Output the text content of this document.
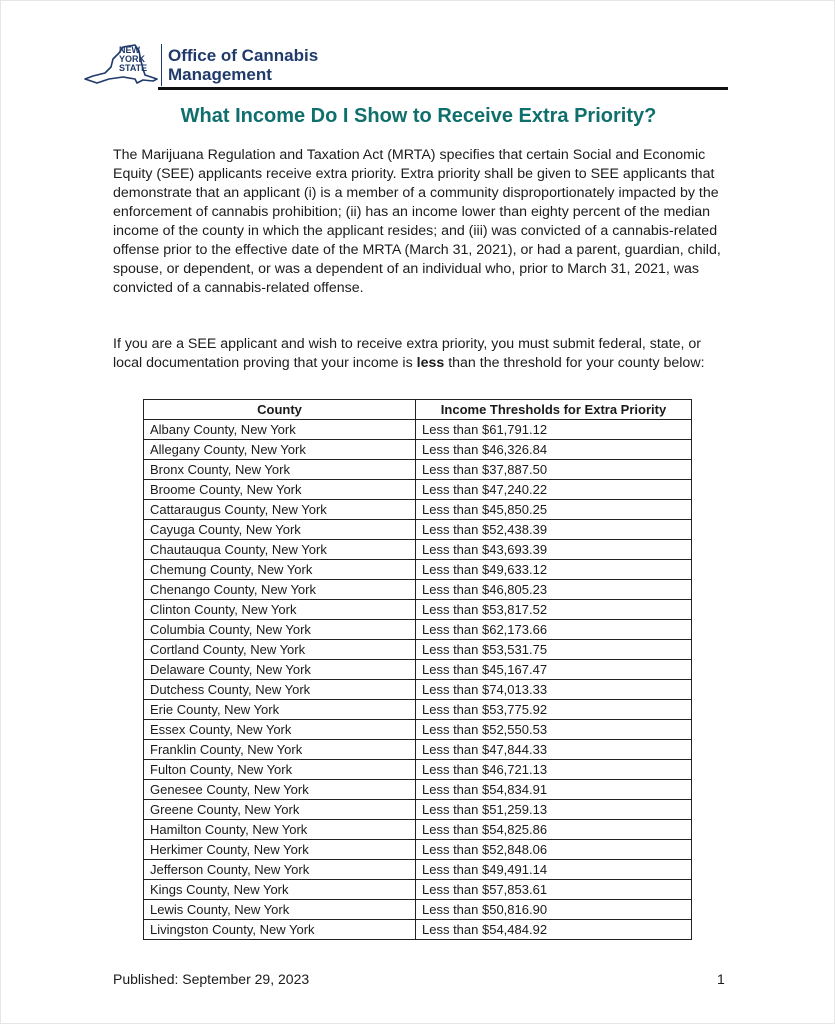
NEW
YORK
STATE
Office of Cannabis
Management
What Income Do I Show to Receive Extra Priority?

The Marijuana Regulation and Taxation Act (MRTA) specifies that certain Social and Economic Equity (SEE) applicants receive extra priority. Extra priority shall be given to SEE applicants that demonstrate that an applicant (i) is a member of a community disproportionately impacted by the enforcement of cannabis prohibition; (ii) has an income lower than eighty percent of the median income of the county in which the applicant resides; and (iii) was convicted of a cannabis-related offense prior to the effective date of the MRTA (March 31, 2021), or had a parent, guardian, child, spouse, or dependent, or was a dependent of an individual who, prior to March 31, 2021, was convicted of a cannabis-related offense.

If you are a SEE applicant and wish to receive extra priority, you must submit federal, state, or local documentation proving that your income is less than the threshold for your county below:

County	Income Thresholds for Extra Priority
Albany County, New York	Less than $61,791.12
Allegany County, New York	Less than $46,326.84
Bronx County, New York	Less than $37,887.50
Broome County, New York	Less than $47,240.22
Cattaraugus County, New York	Less than $45,850.25
Cayuga County, New York	Less than $52,438.39
Chautauqua County, New York	Less than $43,693.39
Chemung County, New York	Less than $49,633.12
Chenango County, New York	Less than $46,805.23
Clinton County, New York	Less than $53,817.52
Columbia County, New York	Less than $62,173.66
Cortland County, New York	Less than $53,531.75
Delaware County, New York	Less than $45,167.47
Dutchess County, New York	Less than $74,013.33
Erie County, New York	Less than $53,775.92
Essex County, New York	Less than $52,550.53
Franklin County, New York	Less than $47,844.33
Fulton County, New York	Less than $46,721.13
Genesee County, New York	Less than $54,834.91
Greene County, New York	Less than $51,259.13
Hamilton County, New York	Less than $54,825.86
Herkimer County, New York	Less than $52,848.06
Jefferson County, New York	Less than $49,491.14
Kings County, New York	Less than $57,853.61
Lewis County, New York	Less than $50,816.90
Livingston County, New York	Less than $54,484.92
Published: September 29, 2023	1
